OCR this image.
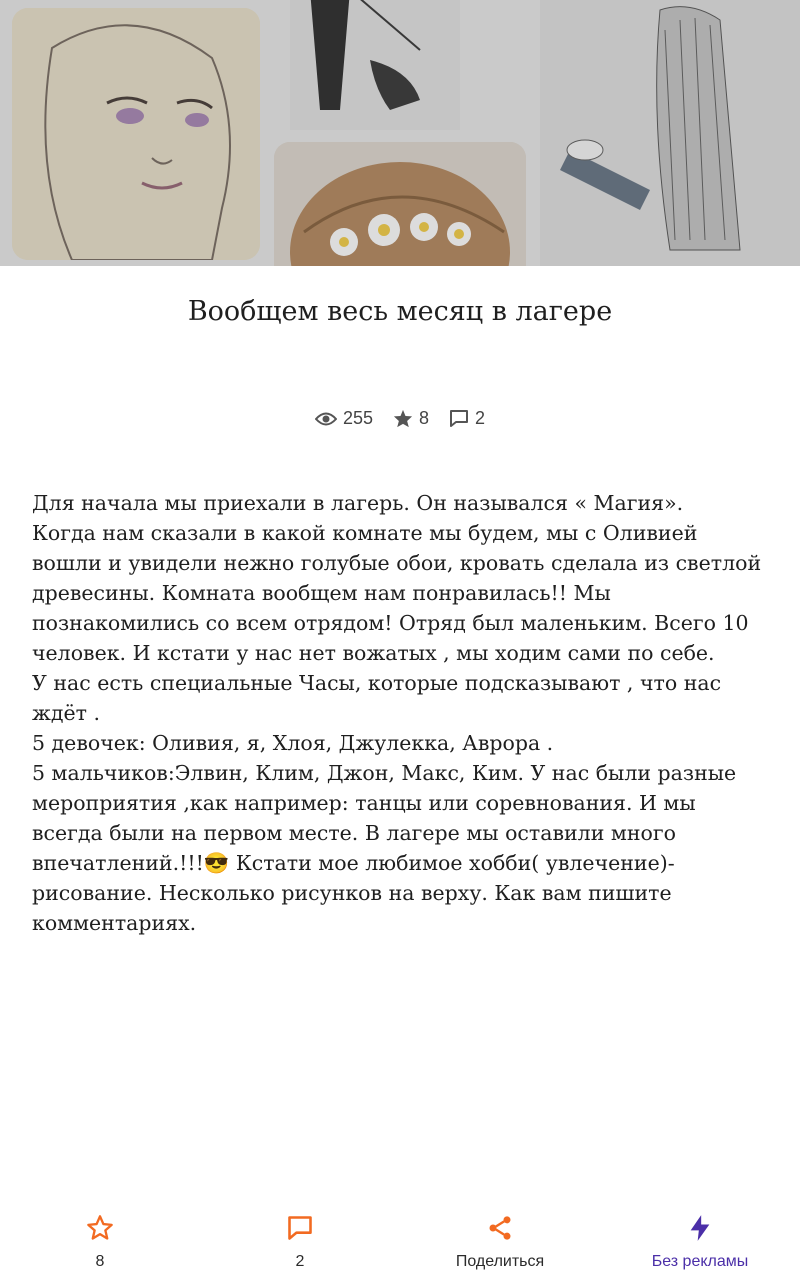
Вообщем весь месяц в лагере
255	8	2
Для начала мы приехали в лагерь. Он назывался « Магия».
Когда нам сказали в какой комнате мы будем, мы с Оливией вошли и увидели нежно голубые обои, кровать сделала из светлой древесины. Комната вообщем нам понравилась!! Мы познакомились со всем отрядом! Отряд был маленьким. Всего 10 человек. И кстати у нас нет вожатых , мы ходим сами по себе.
У нас есть специальные Часы, которые подсказывают , что нас ждёт .
5 девочек: Оливия, я, Хлоя, Джулекка, Аврора .
5 мальчиков:Элвин, Клим, Джон, Макс, Ким. У нас были разные мероприятия ,как например: танцы или соревнования. И мы всегда были на первом месте. В лагере мы оставили много впечатлений.!!!😎 Кстати мое любимое хобби( увлечение)-рисование. Несколько рисунков на верху. Как вам пишите комментариях.
8	2	Поделиться	Без рекламы
